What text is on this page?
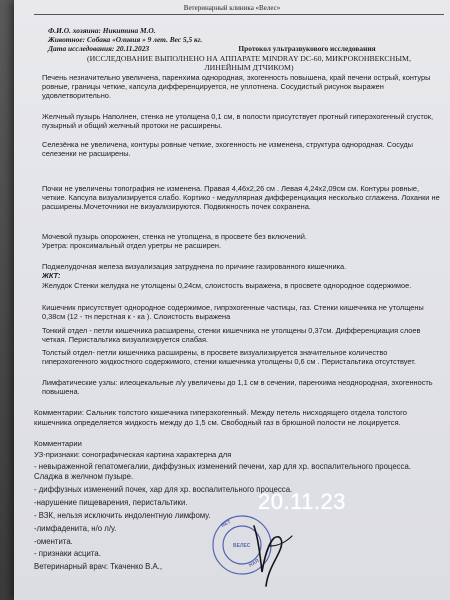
Ветеринарный клиника «Велес»
Ф.И.О. хозяина: Никитина М.О.
Животное: Собака «Оливия » 9 лет. Вес 5,5 кг.
Дата исследования: 20.11.2023	Протокол ультразвукового исследования
(ИССЛЕДОВАНИЕ ВЫПОЛНЕНО НА АППАРАТЕ MINDRAY DC-60, МИКРОКОНВЕКСНЫМ,
ЛИНЕЙНЫМ ДТЧИКОМ)
Печень незначительно увеличена, паренхима однородная, эхогенность повышена, край печени острый, контуры ровные, границы четкие, капсула дифференцируется, не уплотнена. Сосудистый рисунок выражен удовлетворительно.
Желчный пузырь Наполнен, стенка не утолщена 0,1 см, в полости присутствует протный гиперэхогенный сгусток, пузырный и общий желчный протоки не расширены.
Селезёнка не увеличена, контуры ровные четкие, эхогенность не изменена, структура однородная. Сосуды селезенки не расширены.
Почки не увеличены топография не изменена. Правая 4,46х2,26 см . Левая 4,24х2,09см см. Контуры ровные, четкие. Капсула визуализируется слабо. Кортико - медуллярная дифференциация несколько сглажена. Лоханки не расширены.Мочеточники не визуализируются. Подвижность почек сохранена.
Мочевой пузырь опорожнен, стенка не утолщена, в просвете без включений.
Уретра: проксимальный отдел уретры не расширен.
Поджелудочная железа визуализация затруднена по причине газированного кишечника.
ЖКТ:
Желудок Стенки желудка не утолщены 0,24см, слоистость выражена, в просвете однородное содержимое.
Кишечник присутствует однородное содержимое, гипрэхогенные частицы, газ. Стенки кишечника не утолщены 0,38см (12 - тн перстная к - ка ). Слоистость выражена
Тонкий отдел - петли кишечника расширены, стенки кишечника не утолщены 0,37см. Дифференциация слоев четкая. Перистальтика визуализируется слабая.
Толстый отдел- петли кишечника расширены, в просвете визуализируется значительное количество гиперэхогенного жидкостного содержимого, стенки кишечника утолщены 0,6 см . Перистальтика отсутствует.
Лимфатические узлы: илеоцекальные л/у увеличены до 1,1 см в сечении, паренхима неоднородная, эхогенность повышена.
Комментарии: Сальник толстого кишечника гиперэхогенный. Между петель нисходящего отдела толстого кишечника определяется жидкость между до 1,5 см. Свободный газ в брюшной полости не лоцируется.
Комментарии
УЗ-признаки: сонографическая картина характерна для
- невыраженной гепатомегалии, диффузных изменений печени, хар для хр. воспалительного процесса. Сладжа в желчном пузыре.
- диффузных изменений почек, хар для хр. воспалительного процесса.
-нарушение пищеварения, перистальтики.
- ВЗК, нельзя исключить индолентную лимфому.
-лимфаденита, н/о л/у.
-оментита.
- признаки асцита.
Ветеринарный врач: Ткаченко В.А.,
ВЕЛЕС
ВЕТ
НАЯ
20.11.23
